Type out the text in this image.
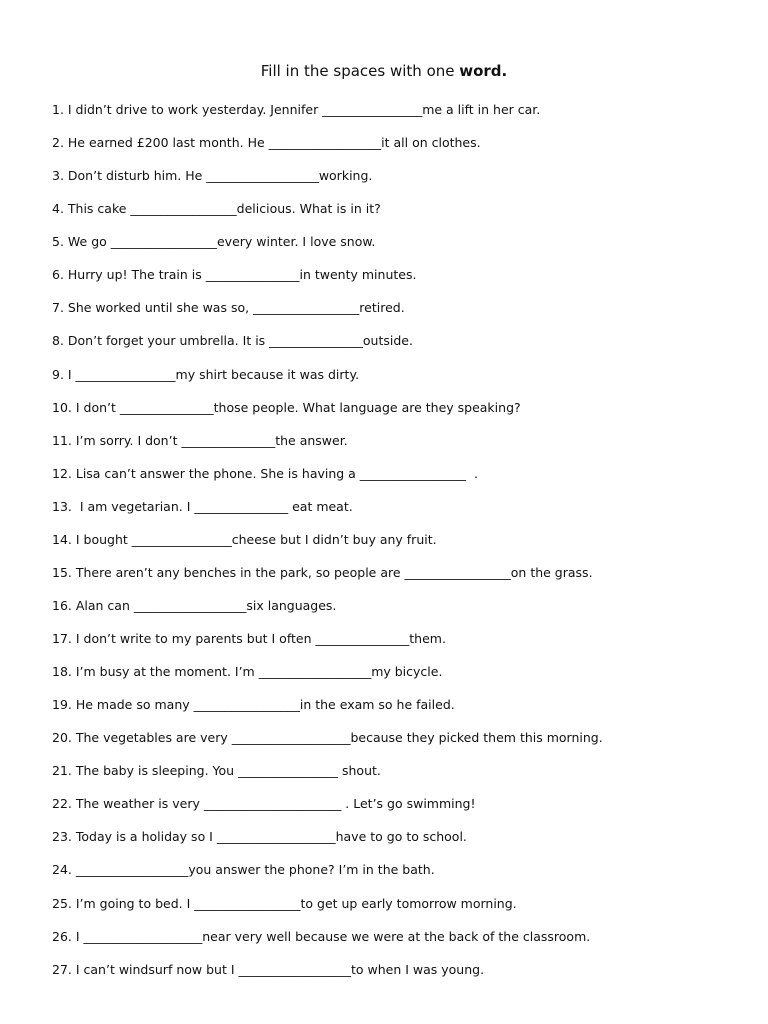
Fill in the spaces with one word.
1. I didn’t drive to work yesterday. Jennifer ________________me a lift in her car.
2. He earned £200 last month. He __________________it all on clothes.
3. Don’t disturb him. He __________________working.
4. This cake _________________delicious. What is in it?
5. We go _________________every winter. I love snow.
6. Hurry up! The train is _______________in twenty minutes.
7. She worked until she was so, _________________retired.
8. Don’t forget your umbrella. It is _______________outside.
9. I ________________my shirt because it was dirty.
10. I don’t _______________those people. What language are they speaking?
11. I’m sorry. I don’t _______________the answer.
12. Lisa can’t answer the phone. She is having a _________________  .
13.  I am vegetarian. I _______________ eat meat.
14. I bought ________________cheese but I didn’t buy any fruit.
15. There aren’t any benches in the park, so people are _________________on the grass.
16. Alan can __________________six languages.
17. I don’t write to my parents but I often _______________them.
18. I’m busy at the moment. I’m __________________my bicycle.
19. He made so many _________________in the exam so he failed.
20. The vegetables are very ___________________because they picked them this morning.
21. The baby is sleeping. You ________________ shout.
22. The weather is very ______________________ . Let’s go swimming!
23. Today is a holiday so I ___________________have to go to school.
24. __________________you answer the phone? I’m in the bath.
25. I’m going to bed. I _________________to get up early tomorrow morning.
26. I ___________________near very well because we were at the back of the classroom.
27. I can’t windsurf now but I __________________to when I was young.
